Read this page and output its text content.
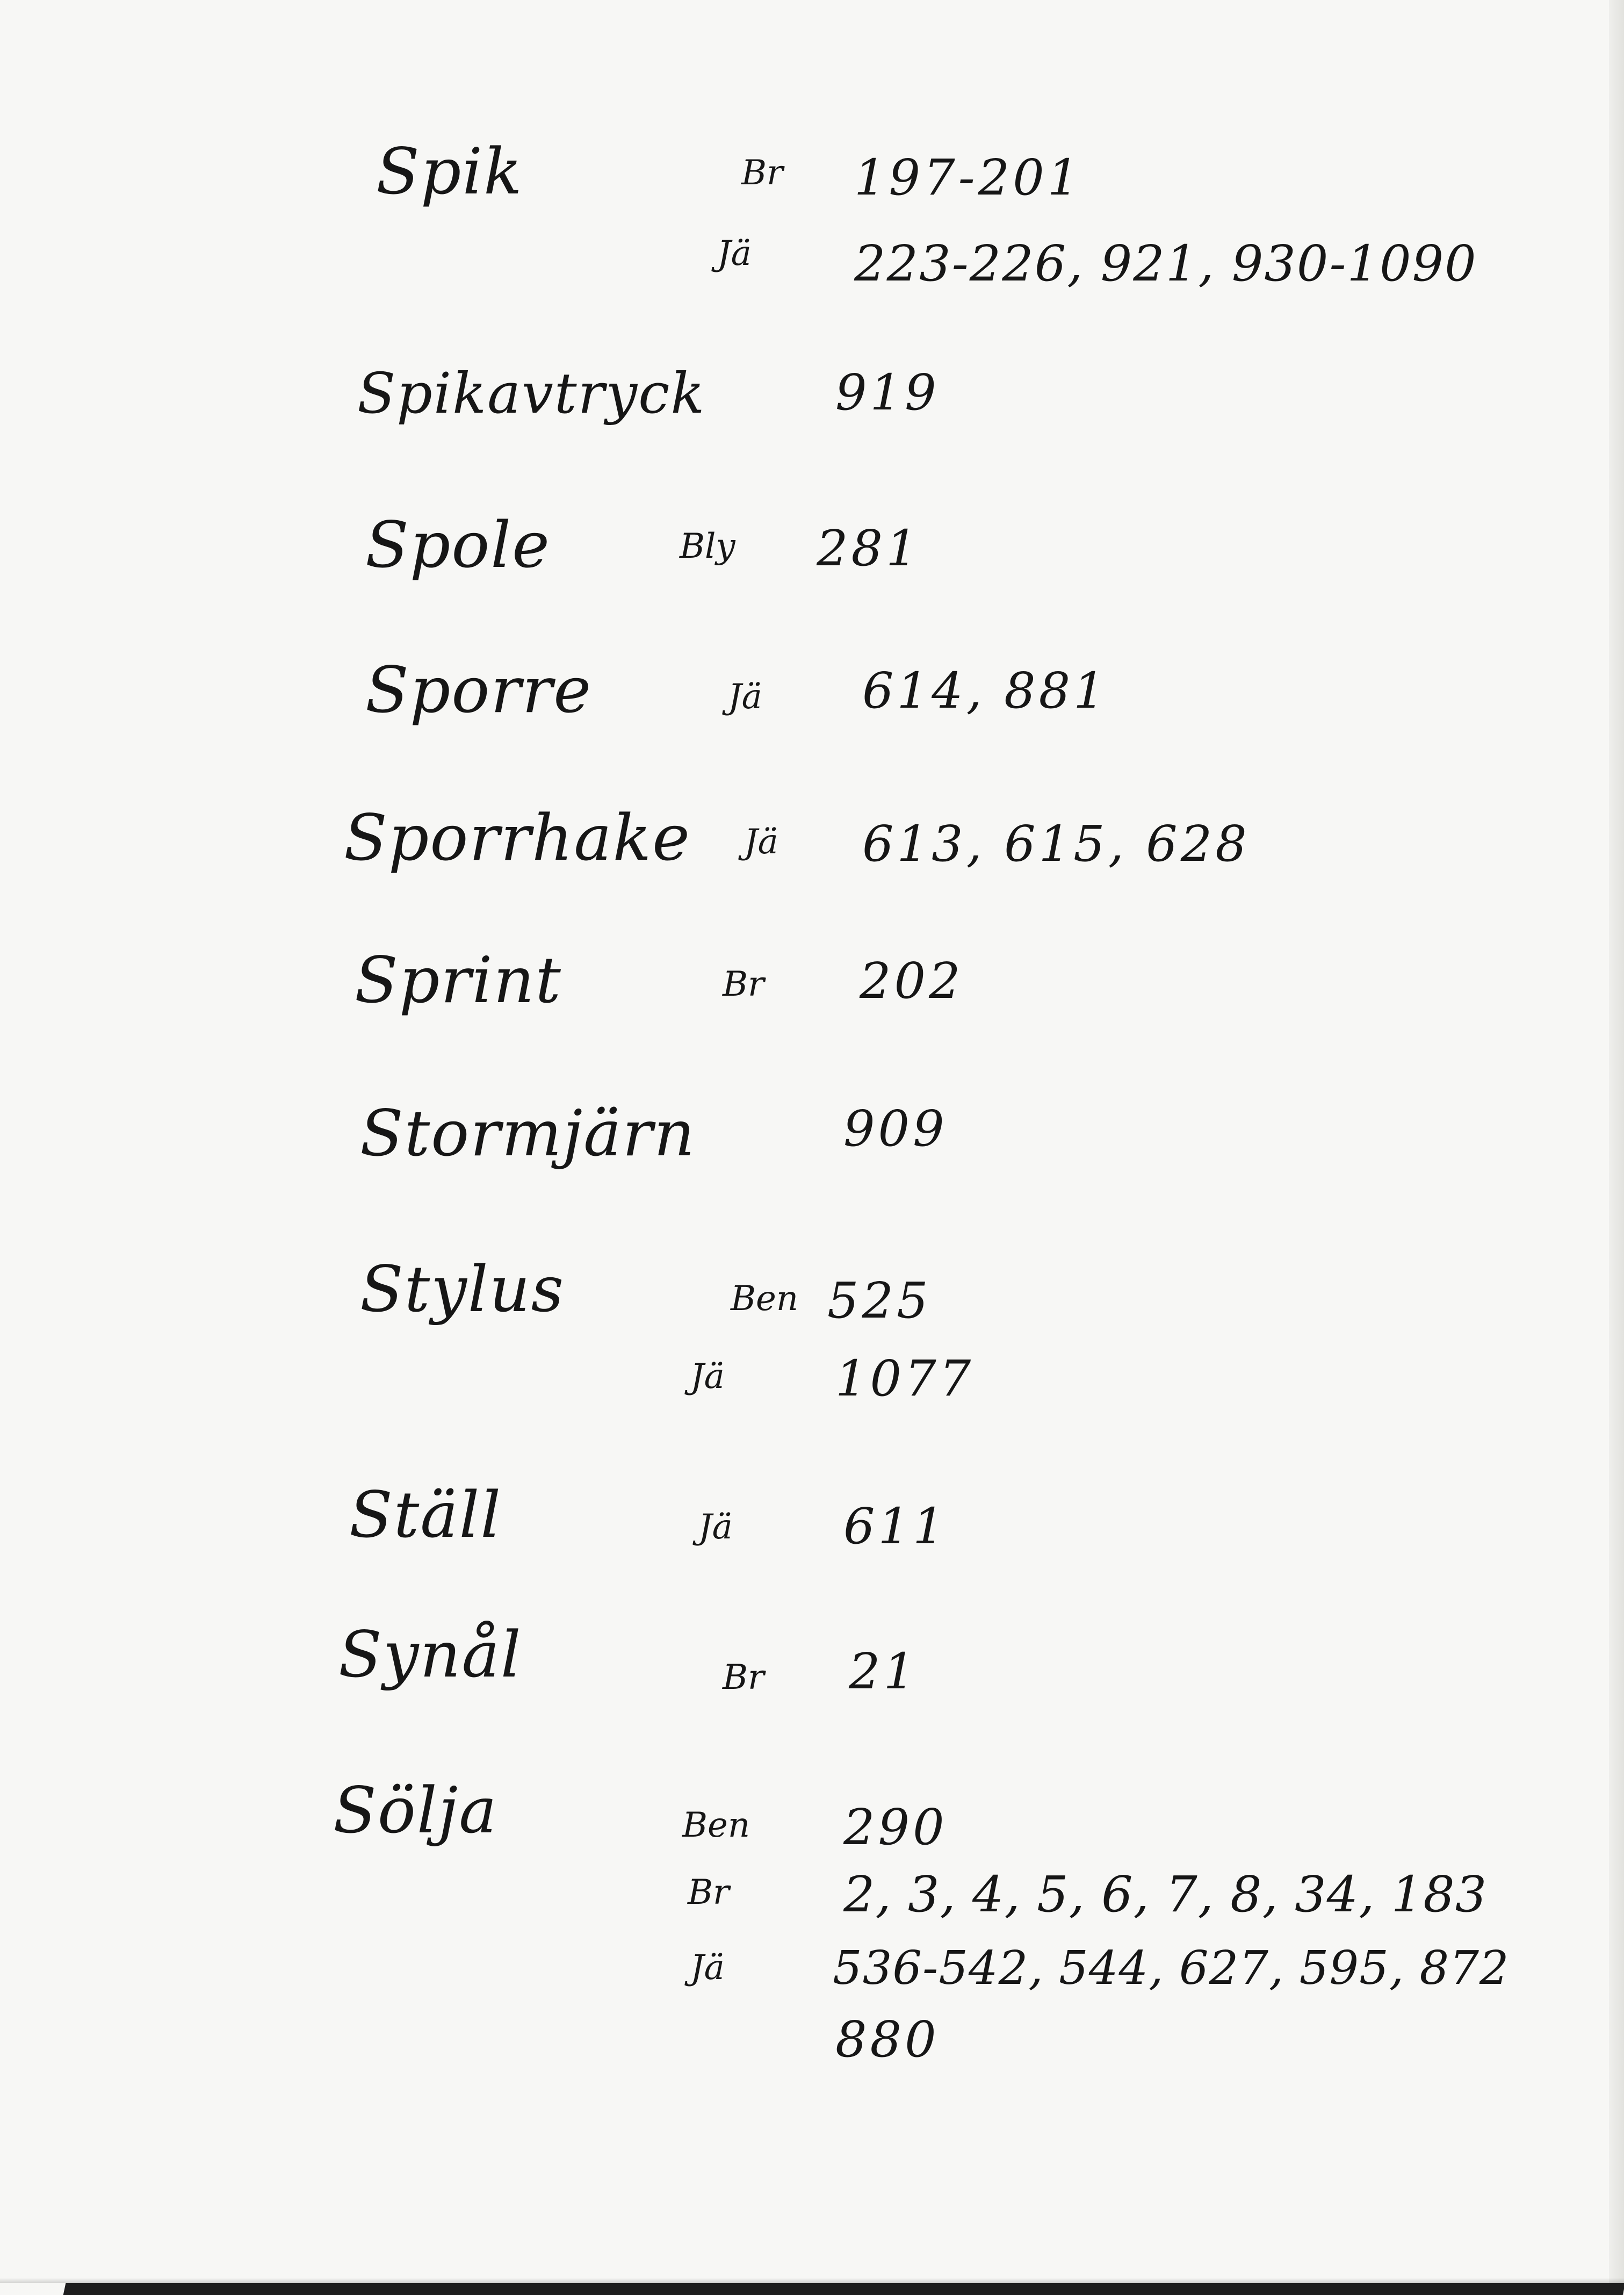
Spik	Br 197-201
Jä 223-226, 921, 930-1090
Spikavtryck	919
Spole	Bly 281
Sporre	Jä 614, 881
Sporrhake Jä 613, 615, 628
Sprint	Br 202
Stormjärn	909
Stylus	Ben 525
Jä 1077
Ställ	Jä 611
Synål	Br 21
Sölja	Ben 290
Br 2, 3, 4, 5, 6, 7, 8, 34, 183
Jä 536-542, 544, 627, 595, 872
880
